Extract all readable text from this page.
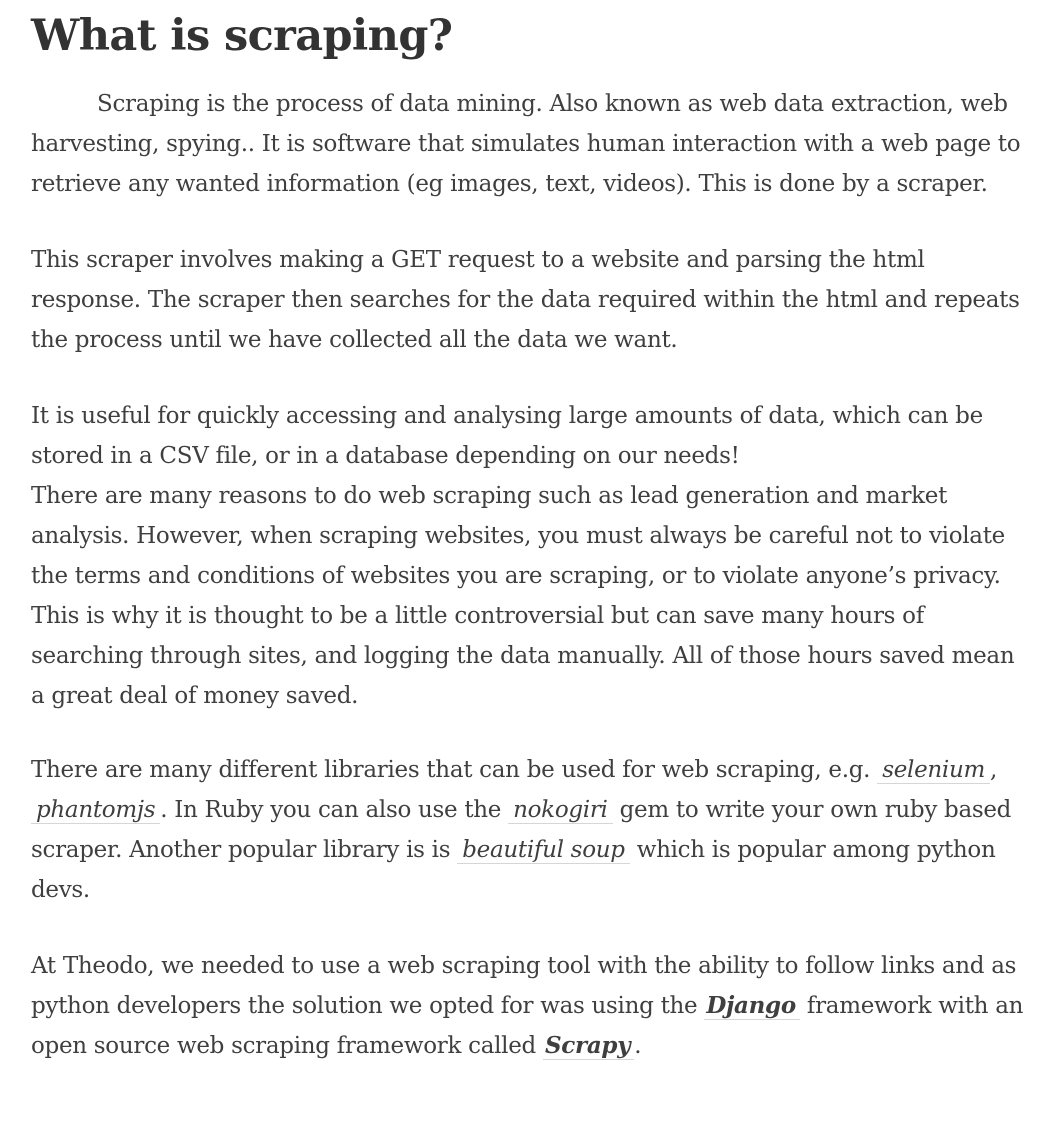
What is scraping?

Scraping is the process of data mining. Also known as web data extraction, web harvesting, spying.. It is software that simulates human interaction with a web page to retrieve any wanted information (eg images, text, videos). This is done by a scraper.

This scraper involves making a GET request to a website and parsing the html response. The scraper then searches for the data required within the html and repeats the process until we have collected all the data we want.

It is useful for quickly accessing and analysing large amounts of data, which can be stored in a CSV file, or in a database depending on our needs!

There are many reasons to do web scraping such as lead generation and market analysis. However, when scraping websites, you must always be careful not to violate the terms and conditions of websites you are scraping, or to violate anyone’s privacy. This is why it is thought to be a little controversial but can save many hours of searching through sites, and logging the data manually. All of those hours saved mean a great deal of money saved.

There are many different libraries that can be used for web scraping, e.g. selenium , phantomjs . In Ruby you can also use the nokogiri gem to write your own ruby based scraper. Another popular library is is beautiful soup which is popular among python devs.

At Theodo, we needed to use a web scraping tool with the ability to follow links and as python developers the solution we opted for was using the Django framework with an open source web scraping framework called Scrapy .
